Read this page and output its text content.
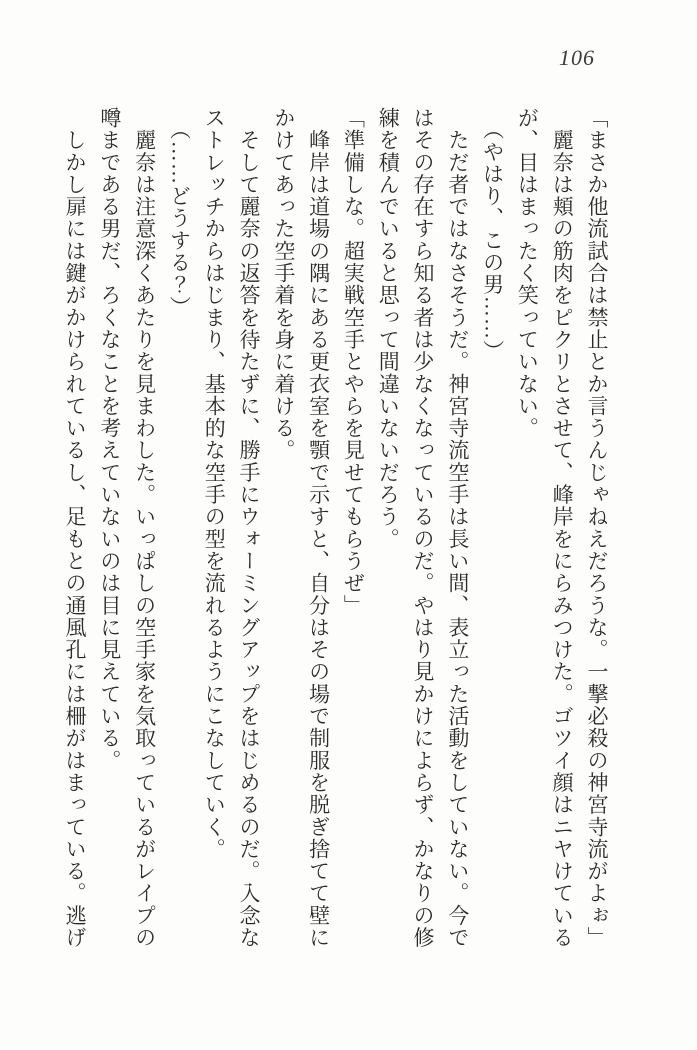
106

「まさか他流試合は禁止とか言うんじゃねえだろうな。一撃必殺の神宮寺流がよぉ」

　麗奈は頬の筋肉をピクリとさせて、峰岸をにらみつけた。ゴツイ顔はニヤけている

が、目はまったく笑っていない。

　（やはり、この男……）

　ただ者ではなさそうだ。神宮寺流空手は長い間、表立った活動をしていない。今で

はその存在すら知る者は少なくなっているのだ。やはり見かけによらず、かなりの修

練を積んでいると思って間違いないだろう。

「準備しな。超実戦空手とやらを見せてもらうぜ」

　峰岸は道場の隅にある更衣室を顎で示すと、自分はその場で制服を脱ぎ捨てて壁に

かけてあった空手着を身に着ける。

　そして麗奈の返答を待たずに、勝手にウォーミングアップをはじめるのだ。入念な

ストレッチからはじまり、基本的な空手の型を流れるようにこなしていく。

　（……どうする？）

　麗奈は注意深くあたりを見まわした。いっぱしの空手家を気取っているがレイプの

噂まである男だ、ろくなことを考えていないのは目に見えている。

　しかし扉には鍵がかけられているし、足もとの通風孔には柵がはまっている。逃げ
